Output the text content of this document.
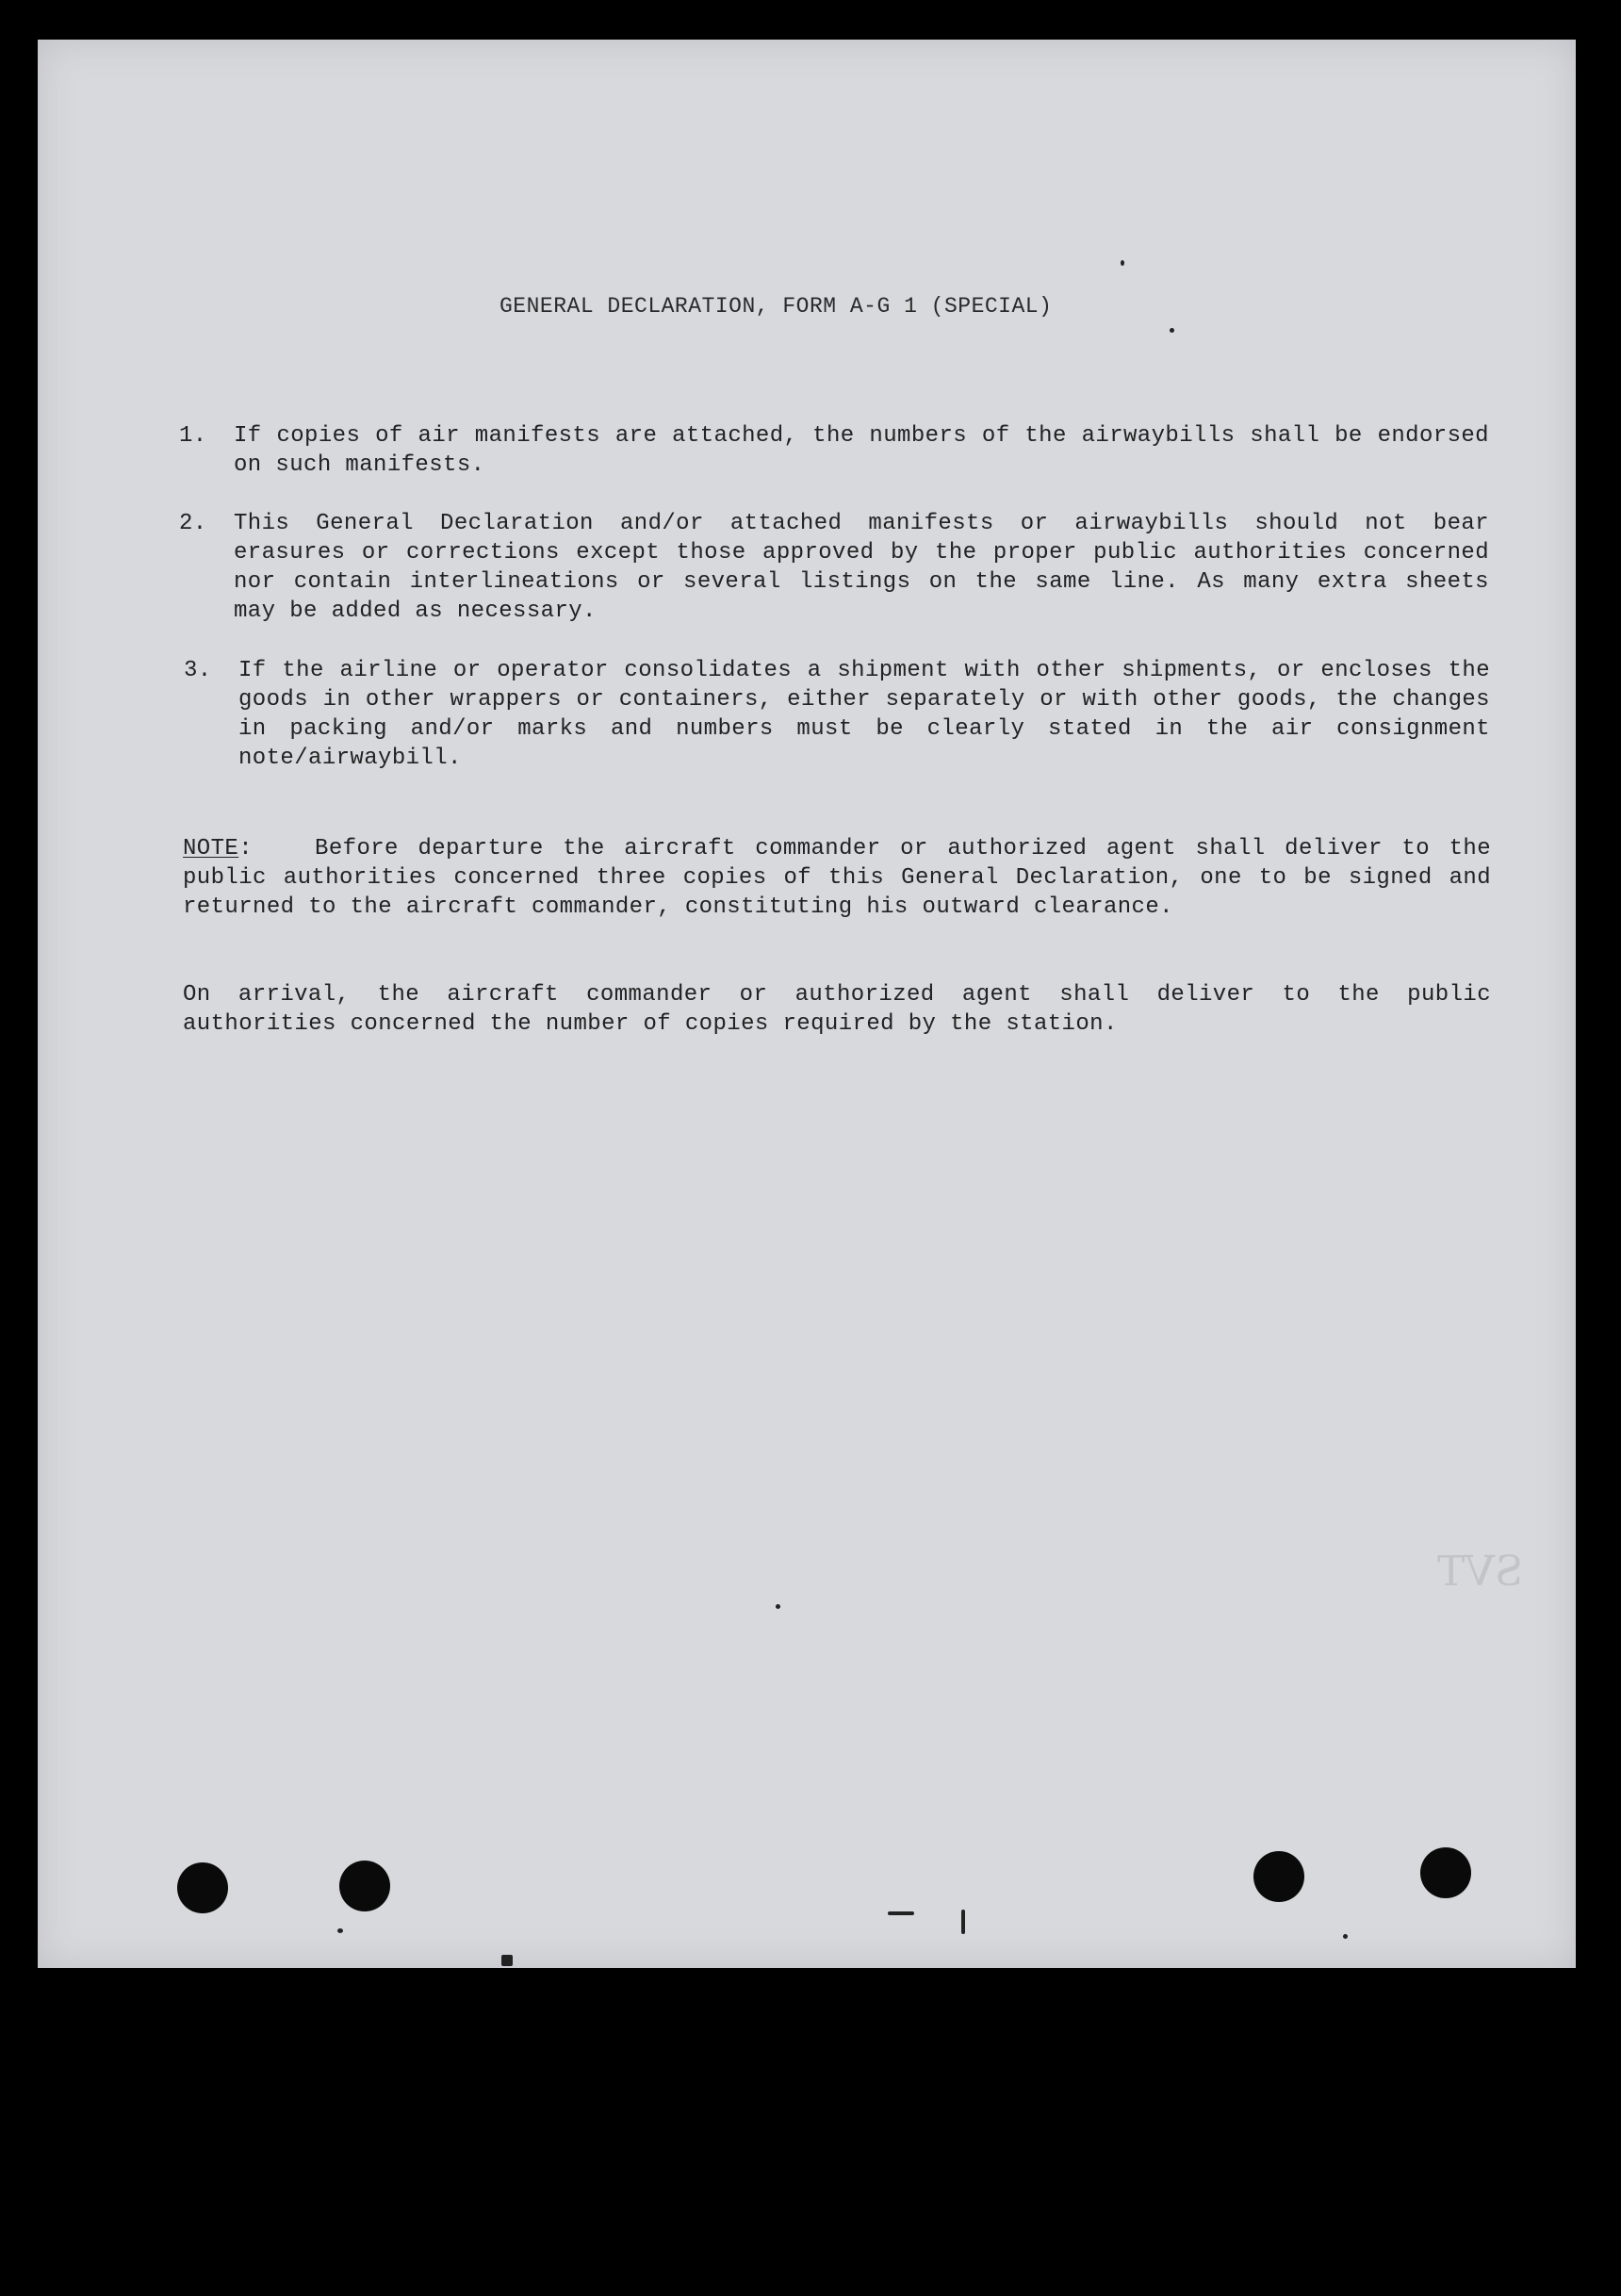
GENERAL DECLARATION, FORM A-G 1 (SPECIAL)
1.	If copies of air manifests are attached, the numbers of the airwaybills shall be endorsed on such manifests.
2.	This General Declaration and/or attached manifests or airwaybills should not bear erasures or corrections except those approved by the proper public authorities concerned nor contain interlineations or several listings on the same line. As many extra sheets may be added as necessary.
3.	If the airline or operator consolidates a shipment with other shipments, or encloses the goods in other wrappers or containers, either separately or with other goods, the changes in packing and/or marks and numbers must be clearly stated in the air consignment note/airwaybill.
NOTE:	Before departure the aircraft commander or authorized agent shall deliver to the public authorities concerned three copies of this General Declaration, one to be signed and returned to the aircraft commander, constituting his outward clearance.
On arrival, the aircraft commander or authorized agent shall deliver to the public authorities concerned the number of copies required by the station.
SVT
